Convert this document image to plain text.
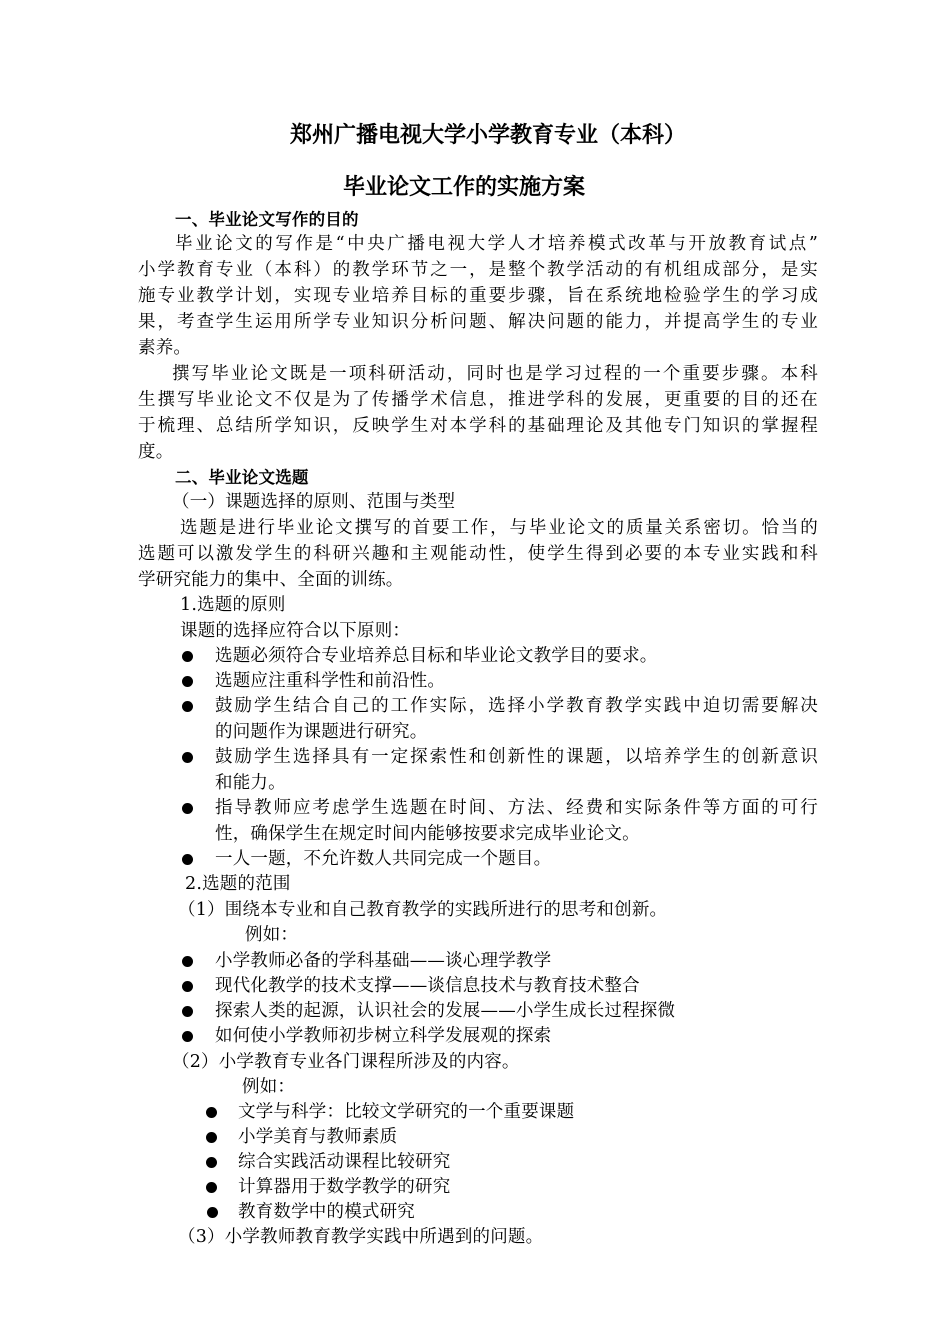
郑州广播电视大学小学教育专业（本科）
毕业论文工作的实施方案
一、毕业论文写作的目的
毕业论文的写作是“中央广播电视大学人才培养模式改革与开放教育试点”
小学教育专业（本科）的教学环节之一，是整个教学活动的有机组成部分，是实
施专业教学计划，实现专业培养目标的重要步骤，旨在系统地检验学生的学习成
果，考查学生运用所学专业知识分析问题、解决问题的能力，并提高学生的专业
素养。
撰写毕业论文既是一项科研活动，同时也是学习过程的一个重要步骤。本科
生撰写毕业论文不仅是为了传播学术信息，推进学科的发展，更重要的目的还在
于梳理、总结所学知识，反映学生对本学科的基础理论及其他专门知识的掌握程
度。
二、毕业论文选题
（一）课题选择的原则、范围与类型
选题是进行毕业论文撰写的首要工作，与毕业论文的质量关系密切。恰当的
选题可以激发学生的科研兴趣和主观能动性，使学生得到必要的本专业实践和科
学研究能力的集中、全面的训练。
1.选题的原则
课题的选择应符合以下原则：
选题必须符合专业培养总目标和毕业论文教学目的要求。
选题应注重科学性和前沿性。
鼓励学生结合自己的工作实际，选择小学教育教学实践中迫切需要解决
的问题作为课题进行研究。
鼓励学生选择具有一定探索性和创新性的课题，以培养学生的创新意识
和能力。
指导教师应考虑学生选题在时间、方法、经费和实际条件等方面的可行
性，确保学生在规定时间内能够按要求完成毕业论文。
一人一题，不允许数人共同完成一个题目。
2.选题的范围
（1）围绕本专业和自己教育教学的实践所进行的思考和创新。
例如：
小学教师必备的学科基础——谈心理学教学
现代化教学的技术支撑——谈信息技术与教育技术整合
探索人类的起源，认识社会的发展——小学生成长过程探微
如何使小学教师初步树立科学发展观的探索
（2）小学教育专业各门课程所涉及的内容。
例如：
文学与科学：比较文学研究的一个重要课题
小学美育与教师素质
综合实践活动课程比较研究
计算器用于数学教学的研究
教育数学中的模式研究
（3）小学教师教育教学实践中所遇到的问题。
